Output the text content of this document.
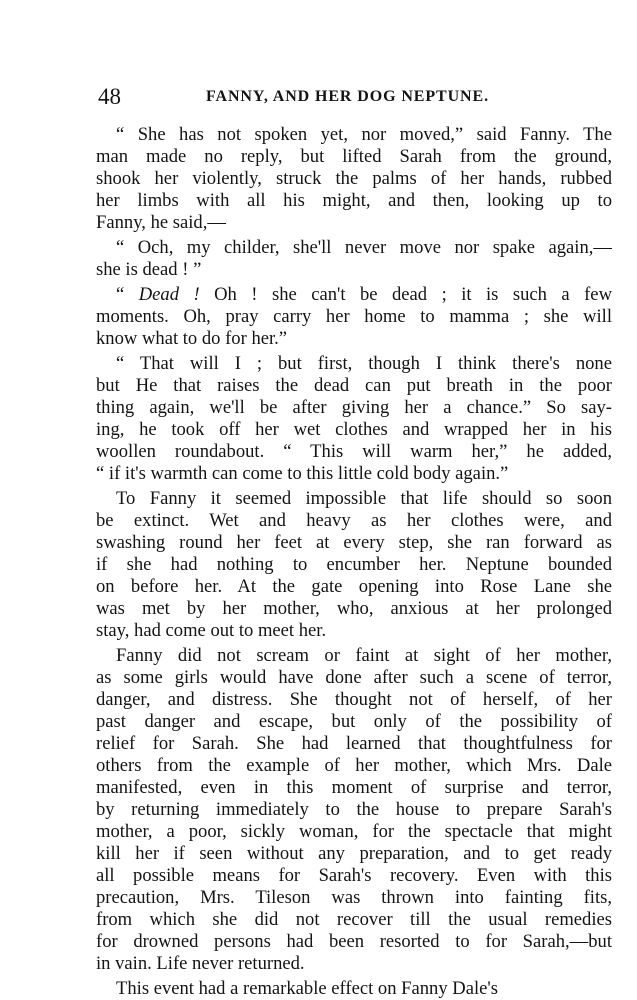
48	FANNY, AND HER DOG NEPTUNE.
“ She has not spoken yet, nor moved,” said Fanny. The
man made no reply, but lifted Sarah from the ground,
shook her violently, struck the palms of her hands, rubbed
her limbs with all his might, and then, looking up to
Fanny, he said,—
“ Och, my childer, she'll never move nor spake again,—
she is dead ! ”
“ Dead ! Oh ! she can't be dead ; it is such a few
moments. Oh, pray carry her home to mamma ; she will
know what to do for her.”
“ That will I ; but first, though I think there's none
but He that raises the dead can put breath in the poor
thing again, we'll be after giving her a chance.” So say-
ing, he took off her wet clothes and wrapped her in his
woollen roundabout. “ This will warm her,” he added,
“ if it's warmth can come to this little cold body again.”
To Fanny it seemed impossible that life should so soon
be extinct. Wet and heavy as her clothes were, and
swashing round her feet at every step, she ran forward as
if she had nothing to encumber her. Neptune bounded
on before her. At the gate opening into Rose Lane she
was met by her mother, who, anxious at her prolonged
stay, had come out to meet her.
Fanny did not scream or faint at sight of her mother,
as some girls would have done after such a scene of terror,
danger, and distress. She thought not of herself, of her
past danger and escape, but only of the possibility of
relief for Sarah. She had learned that thoughtfulness for
others from the example of her mother, which Mrs. Dale
manifested, even in this moment of surprise and terror,
by returning immediately to the house to prepare Sarah's
mother, a poor, sickly woman, for the spectacle that might
kill her if seen without any preparation, and to get ready
all possible means for Sarah's recovery. Even with this
precaution, Mrs. Tileson was thrown into fainting fits,
from which she did not recover till the usual remedies
for drowned persons had been resorted to for Sarah,—but
in vain. Life never returned.
This event had a remarkable effect on Fanny Dale's
